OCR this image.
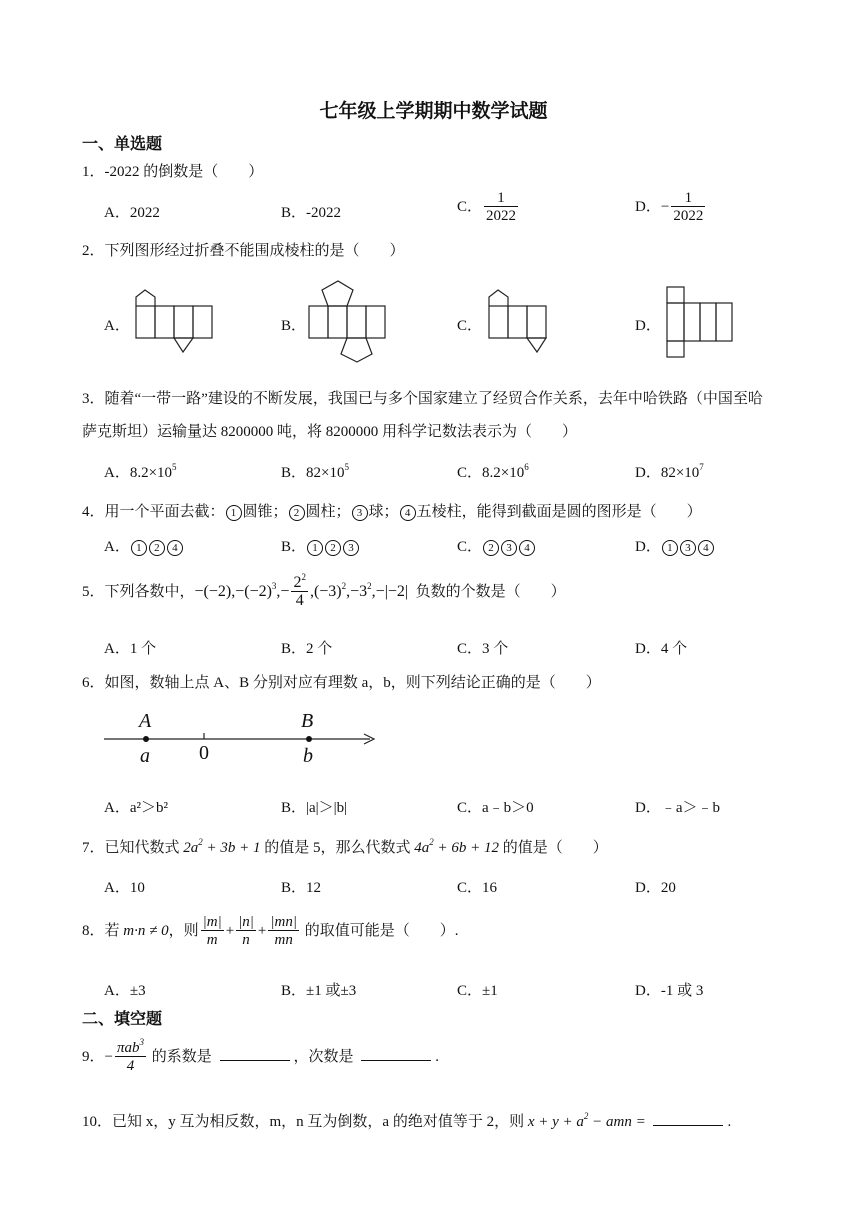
七年级上学期期中数学试题
一、单选题
1．-2022 的倒数是（　　）
A．2022	B．-2022	C． $\frac{1}{2022}$	D．− $\frac{1}{2022}$
2．下列图形经过折叠不能围成棱柱的是（　　）
A．	B．	C．	D．
3．随着“一带一路”建设的不断发展，我国已与多个国家建立了经贸合作关系，去年中哈铁路（中国至哈
萨克斯坦）运输量达 8200000 吨，将 8200000 用科学记数法表示为（　　）
A．$8.2\times 10^5$	B．$82\times 10^5$	C．$8.2\times 10^6$	D．$82\times 10^7$
4．用一个平面去截： 1 圆锥； 2 圆柱； 3 球； 4 五棱柱，能得到截面是圆的图形是（　　）
A． 1 2 4	B． 1 2 3	C． 2 3 4	D． 1 3 4
5．下列各数中，$-(-2),-(-2)^3,- \frac{2^2}{4} ,(-3)^2,-3^2,-|-2|$ 负数的个数是（　　）
A．1 个	B．2 个	C．3 个	D．4 个
6．如图，数轴上点 A、B 分别对应有理数 a，b，则下列结论正确的是（　　）
A
a 0
B
b
A．a²＞b²	B．|a|＞|b|	C．a﹣b＞0	D．﹣a＞﹣b
7．已知代数式 $2a^2 + 3b + 1$ 的值是 5，那么代数式 $4a^2 + 6b + 12$ 的值是（　　）
A．10	B．12	C．16	D．20
8．若 m·n ≠ 0，则 $\frac{|m|}{m} + \frac{|n|}{n} + \frac{|mn|}{mn}$ 的取值可能是（　　）.
A．±3	B．±1 或±3	C．±1	D．-1 或 3
二、填空题
9．− $\frac{\pi ab^3}{4}$ 的系数是	，次数是	.
10．已知 x，y 互为相反数，m，n 互为倒数，a 的绝对值等于 2，则 $x + y + a^2$ − amn =	.
